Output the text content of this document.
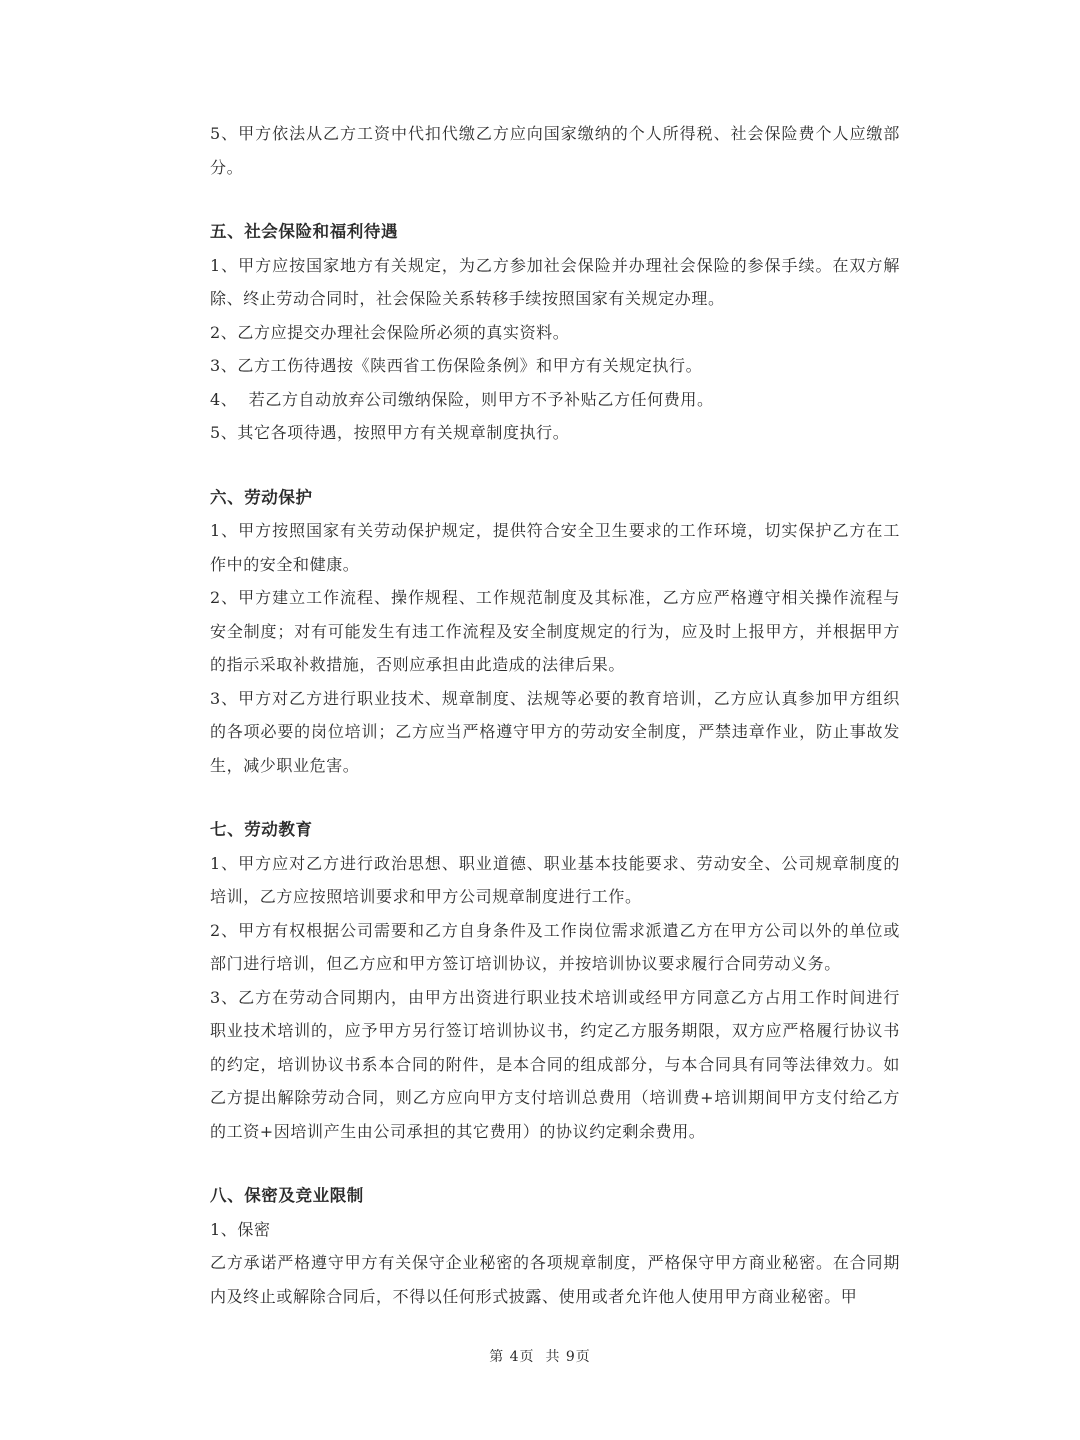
5、甲方依法从乙方工资中代扣代缴乙方应向国家缴纳的个人所得税、社会保险费个人应缴部分。

五、社会保险和福利待遇

1、甲方应按国家地方有关规定，为乙方参加社会保险并办理社会保险的参保手续。在双方解除、终止劳动合同时，社会保险关系转移手续按照国家有关规定办理。

2、乙方应提交办理社会保险所必须的真实资料。

3、乙方工伤待遇按《陕西省工伤保险条例》和甲方有关规定执行。

4、  若乙方自动放弃公司缴纳保险，则甲方不予补贴乙方任何费用。

5、其它各项待遇，按照甲方有关规章制度执行。

六、劳动保护

1、甲方按照国家有关劳动保护规定，提供符合安全卫生要求的工作环境，切实保护乙方在工作中的安全和健康。

2、甲方建立工作流程、操作规程、工作规范制度及其标准，乙方应严格遵守相关操作流程与安全制度；对有可能发生有违工作流程及安全制度规定的行为，应及时上报甲方，并根据甲方的指示采取补救措施，否则应承担由此造成的法律后果。

3、甲方对乙方进行职业技术、规章制度、法规等必要的教育培训，乙方应认真参加甲方组织的各项必要的岗位培训；乙方应当严格遵守甲方的劳动安全制度，严禁违章作业，防止事故发生，减少职业危害。

七、劳动教育

1、甲方应对乙方进行政治思想、职业道德、职业基本技能要求、劳动安全、公司规章制度的培训，乙方应按照培训要求和甲方公司规章制度进行工作。

2、甲方有权根据公司需要和乙方自身条件及工作岗位需求派遣乙方在甲方公司以外的单位或部门进行培训，但乙方应和甲方签订培训协议，并按培训协议要求履行合同劳动义务。

3、乙方在劳动合同期内，由甲方出资进行职业技术培训或经甲方同意乙方占用工作时间进行职业技术培训的，应予甲方另行签订培训协议书，约定乙方服务期限，双方应严格履行协议书的约定，培训协议书系本合同的附件，是本合同的组成部分，与本合同具有同等法律效力。如乙方提出解除劳动合同，则乙方应向甲方支付培训总费用（培训费+培训期间甲方支付给乙方的工资+因培训产生由公司承担的其它费用）的协议约定剩余费用。

八、保密及竞业限制

1、保密

乙方承诺严格遵守甲方有关保守企业秘密的各项规章制度，严格保守甲方商业秘密。在合同期内及终止或解除合同后，不得以任何形式披露、使用或者允许他人使用甲方商业秘密。甲

第 4页  共 9页
